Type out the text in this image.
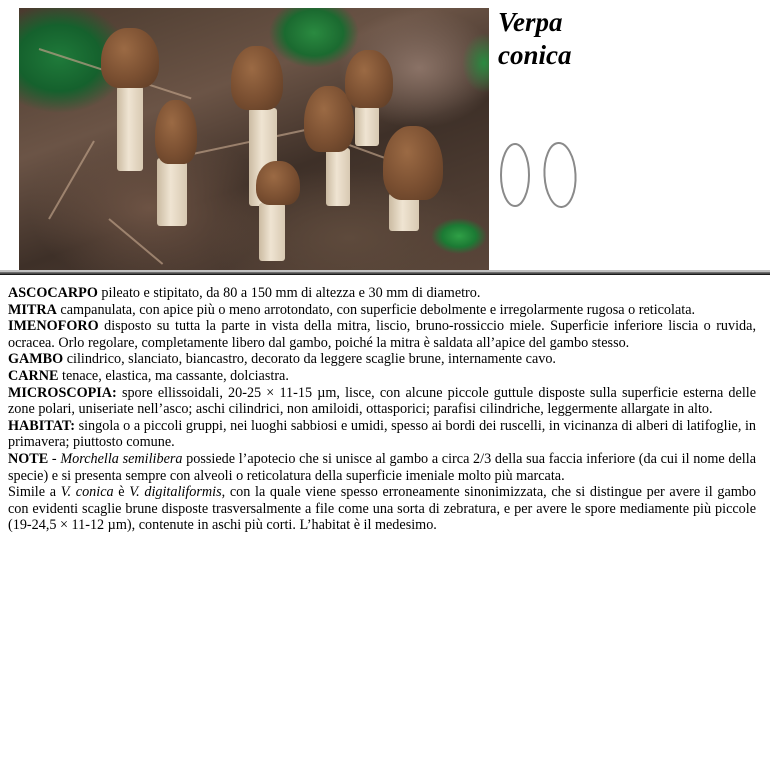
Verpa
conica

ASCOCARPO pileato e stipitato, da 80 a 150 mm di altezza e 30 mm di diametro.

MITRA campanulata, con apice più o meno arrotondato, con superficie debolmente e irregolarmente rugosa o reticolata.

IMENOFORO disposto su tutta la parte in vista della mitra, liscio, bruno-rossiccio miele. Superficie inferiore liscia o ruvida, ocracea. Orlo regolare, completamente libero dal gambo, poiché la mitra è saldata all’apice del gambo stesso.

GAMBO cilindrico, slanciato, biancastro, decorato da leggere scaglie brune, internamente cavo.

CARNE tenace, elastica, ma cassante, dolciastra.

MICROSCOPIA: spore ellissoidali, 20-25 × 11-15 µm, lisce, con alcune piccole guttule disposte sulla superficie esterna delle zone polari, uniseriate nell’asco; aschi cilindrici, non amiloidi, ottasporici; parafisi cilindriche, leggermente allargate in alto.

HABITAT: singola o a piccoli gruppi, nei luoghi sabbiosi e umidi, spesso ai bordi dei ruscelli, in vicinanza di alberi di latifoglie, in primavera; piuttosto comune.

NOTE - Morchella semilibera possiede l’apotecio che si unisce al gambo a circa 2/3 della sua faccia inferiore (da cui il nome della specie) e si presenta sempre con alveoli o reticolatura della superficie imeniale molto più marcata.

Simile a V. conica è V. digitaliformis, con la quale viene spesso erroneamente sinonimizzata, che si distingue per avere il gambo con evidenti scaglie brune disposte trasversalmente a file come una sorta di zebratura, e per avere le spore mediamente più piccole (19-24,5 × 11-12 µm), contenute in aschi più corti. L’habitat è il medesimo.
